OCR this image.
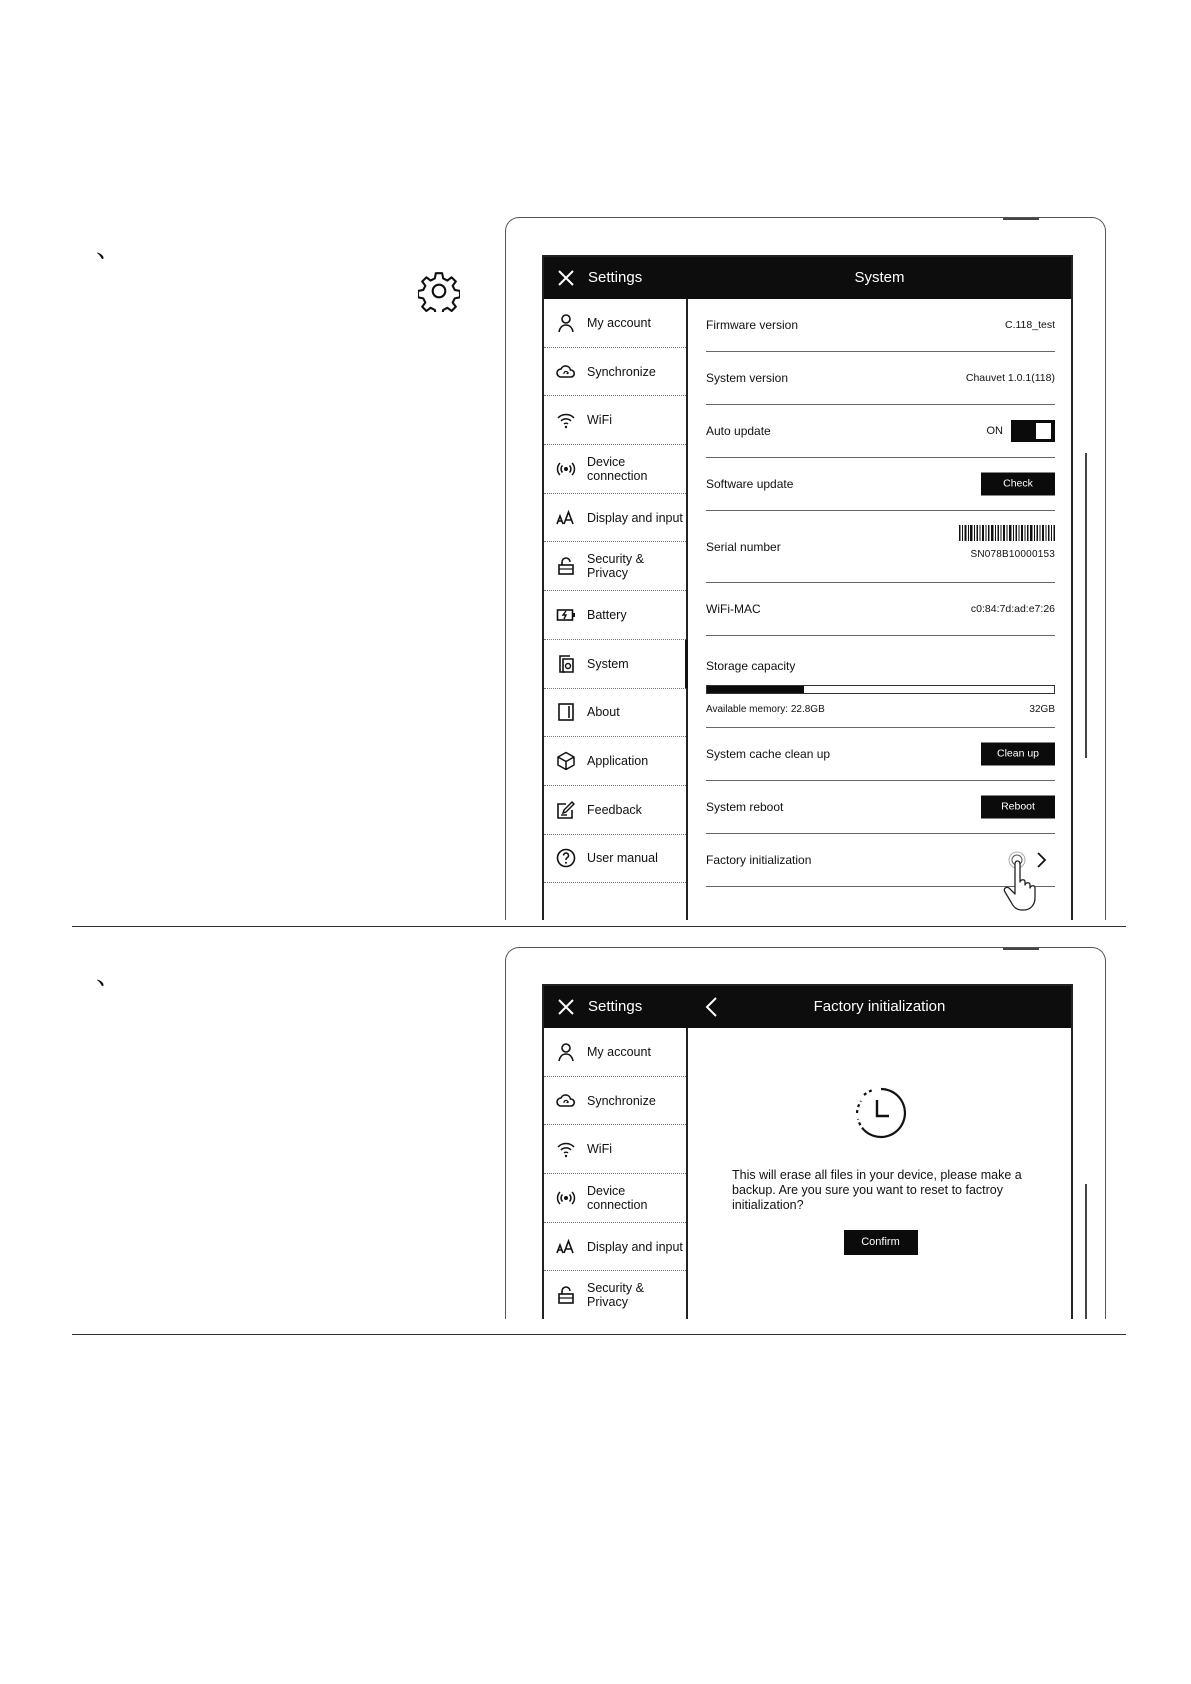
、
Settings	System
My account
Synchronize
WiFi
Device connection
Display and input
Security & Privacy
Battery
System
About
Application
Feedback
User manual
Firmware version	C.118_test
System version	Chauvet 1.0.1(118)
Auto update	ON
Software update	Check
Serial number
SN078B10000153
WiFi-MAC	c0:84:7d:ad:e7:26
Storage capacity
Available memory: 22.8GB	32GB
System cache clean up	Clean up
System reboot	Reboot
Factory initialization
、
Settings	Factory initialization
My account
Synchronize
WiFi
Device connection
Display and input
Security & Privacy
This will erase all files in your device, please make a backup. Are you sure you want to reset to factroy initialization?
Confirm
